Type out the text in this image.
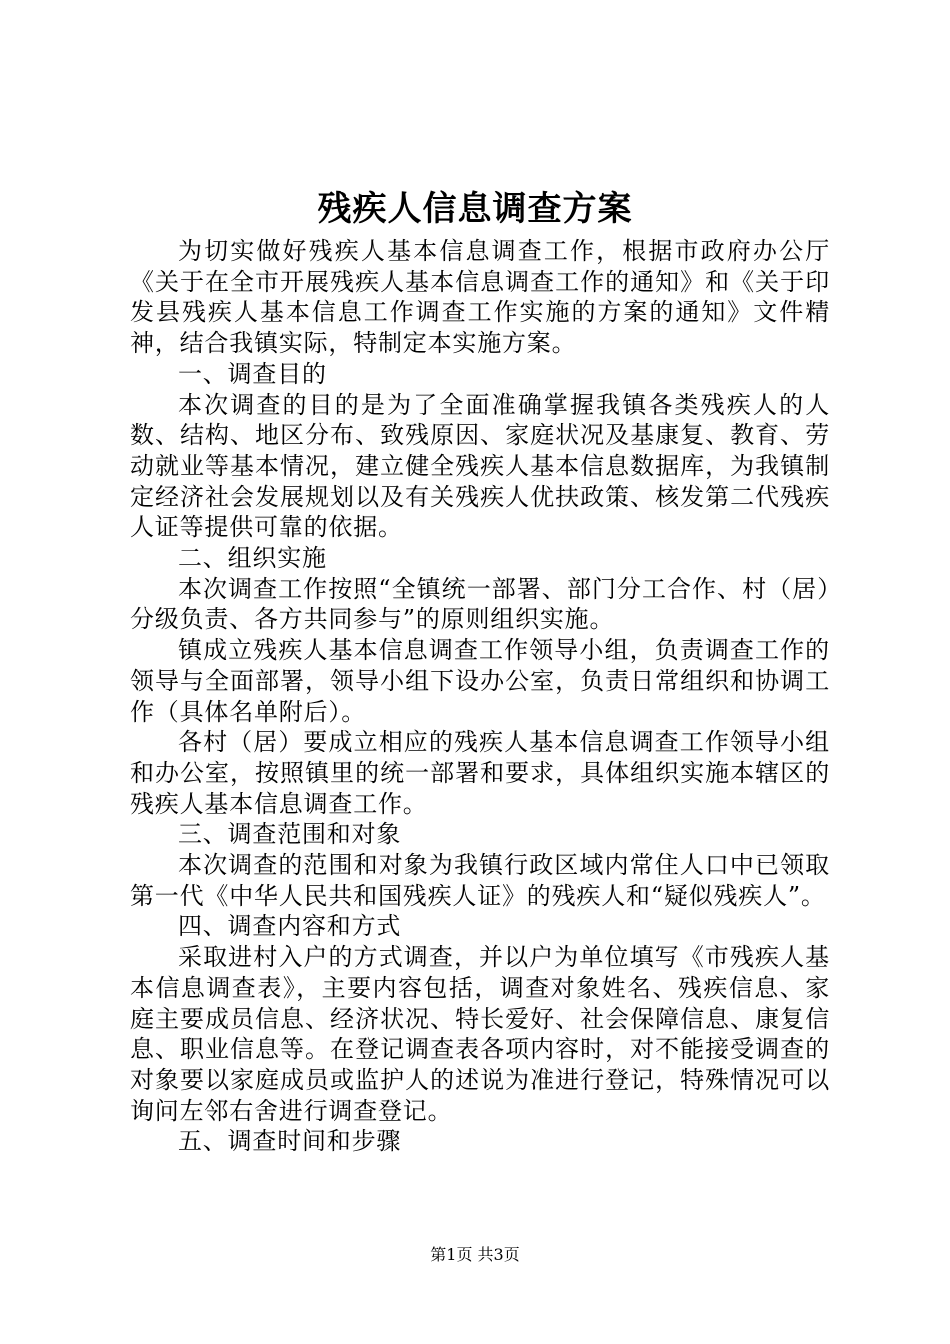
残疾人信息调查方案

为切实做好残疾人基本信息调查工作，根据市政府办公厅《关于在全市开展残疾人基本信息调查工作的通知》和《关于印发县残疾人基本信息工作调查工作实施的方案的通知》文件精神，结合我镇实际，特制定本实施方案。

一、调查目的

本次调查的目的是为了全面准确掌握我镇各类残疾人的人数、结构、地区分布、致残原因、家庭状况及基康复、教育、劳动就业等基本情况，建立健全残疾人基本信息数据库，为我镇制定经济社会发展规划以及有关残疾人优扶政策、核发第二代残疾人证等提供可靠的依据。

二、组织实施

本次调查工作按照“全镇统一部署、部门分工合作、村（居）分级负责、各方共同参与”的原则组织实施。

镇成立残疾人基本信息调查工作领导小组，负责调查工作的领导与全面部署，领导小组下设办公室，负责日常组织和协调工作（具体名单附后）。

各村（居）要成立相应的残疾人基本信息调查工作领导小组和办公室，按照镇里的统一部署和要求，具体组织实施本辖区的残疾人基本信息调查工作。

三、调查范围和对象

本次调查的范围和对象为我镇行政区域内常住人口中已领取第一代《中华人民共和国残疾人证》的残疾人和“疑似残疾人”。

四、调查内容和方式

采取进村入户的方式调查，并以户为单位填写《市残疾人基本信息调查表》，主要内容包括，调查对象姓名、残疾信息、家庭主要成员信息、经济状况、特长爱好、社会保障信息、康复信息、职业信息等。在登记调查表各项内容时，对不能接受调查的对象要以家庭成员或监护人的述说为准进行登记，特殊情况可以询问左邻右舍进行调查登记。

五、调查时间和步骤

第1页 共3页
